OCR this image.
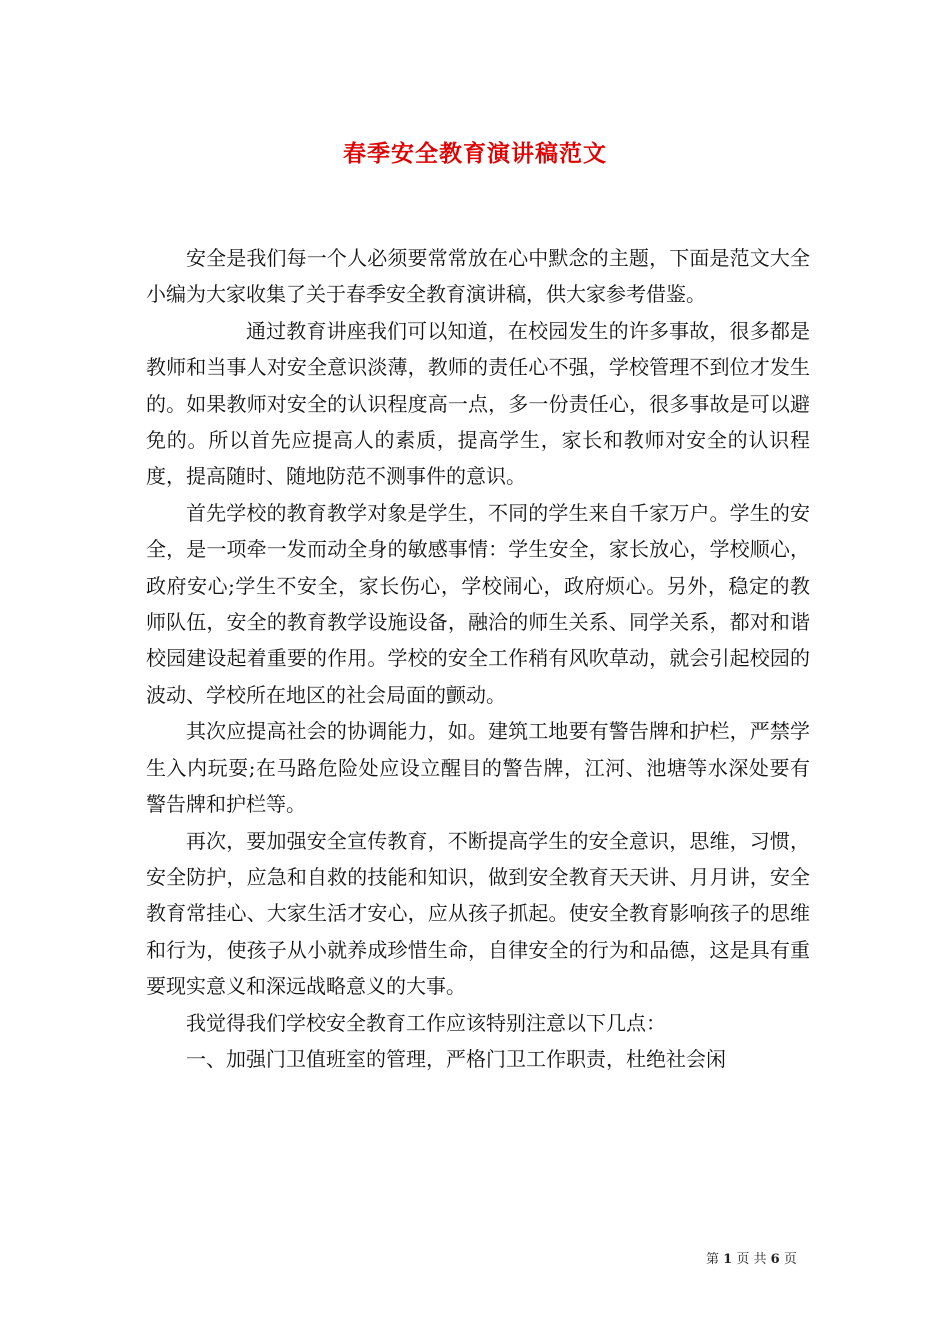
春季安全教育演讲稿范文

安全是我们每一个人必须要常常放在心中默念的主题，下面是范文大全小编为大家收集了关于春季安全教育演讲稿，供大家参考借鉴。

通过教育讲座我们可以知道，在校园发生的许多事故，很多都是教师和当事人对安全意识淡薄，教师的责任心不强，学校管理不到位才发生的。如果教师对安全的认识程度高一点，多一份责任心，很多事故是可以避免的。所以首先应提高人的素质，提高学生，家长和教师对安全的认识程度，提高随时、随地防范不测事件的意识。

首先学校的教育教学对象是学生，不同的学生来自千家万户。学生的安全，是一项牵一发而动全身的敏感事情：学生安全，家长放心，学校顺心，政府安心;学生不安全，家长伤心，学校闹心，政府烦心。另外，稳定的教师队伍，安全的教育教学设施设备，融洽的师生关系、同学关系，都对和谐校园建设起着重要的作用。学校的安全工作稍有风吹草动，就会引起校园的波动、学校所在地区的社会局面的颤动。

其次应提高社会的协调能力，如。建筑工地要有警告牌和护栏，严禁学生入内玩耍;在马路危险处应设立醒目的警告牌，江河、池塘等水深处要有警告牌和护栏等。

再次，要加强安全宣传教育，不断提高学生的安全意识，思维，习惯，安全防护，应急和自救的技能和知识，做到安全教育天天讲、月月讲，安全教育常挂心、大家生活才安心，应从孩子抓起。使安全教育影响孩子的思维和行为，使孩子从小就养成珍惜生命，自律安全的行为和品德，这是具有重要现实意义和深远战略意义的大事。

我觉得我们学校安全教育工作应该特别注意以下几点：

一、加强门卫值班室的管理，严格门卫工作职责，杜绝社会闲

第 1 页 共 6 页
